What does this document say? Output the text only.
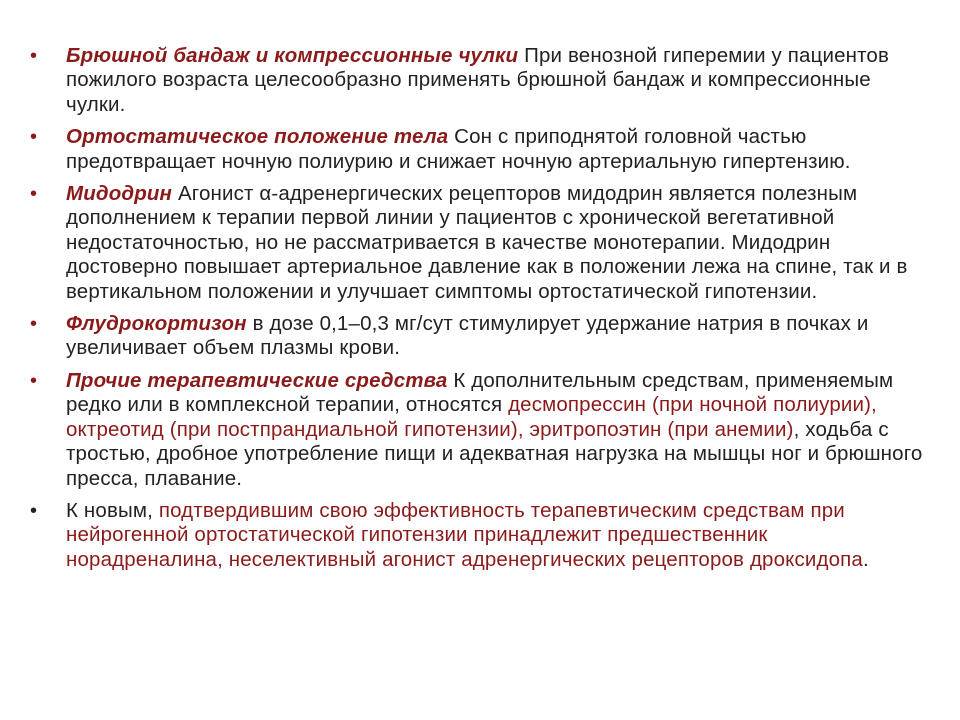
•	Брюшной бандаж и компрессионные чулки При венозной гиперемии у пациентов пожилого возраста целесообразно применять брюшной бандаж и компрессионные чулки.
•	Ортостатическое положение тела Сон с приподнятой головной частью предотвращает ночную полиурию и снижает ночную артериальную гипертензию.
•	Мидодрин Агонист α-адренергических рецепторов мидодрин является полезным дополнением к терапии первой линии у пациентов с хронической вегетативной недостаточностью, но не рассматривается в качестве монотерапии. Мидодрин достоверно повышает артериальное давление как в положении лежа на спине, так и в вертикальном положении и улучшает симптомы ортостатической гипотензии.
•	Флудрокортизон в дозе 0,1–0,3 мг/сут стимулирует удержание натрия в почках и увеличивает объем плазмы крови.
•	Прочие терапевтические средства К дополнительным средствам, применяемым редко или в комплексной терапии, относятся десмопрессин (при ночной полиурии), октреотид (при постпрандиальной гипотензии), эритропоэтин (при анемии), ходьба с тростью, дробное употребление пищи и адекватная нагрузка на мышцы ног и брюшного пресса, плавание.
•	К новым, подтвердившим свою эффективность терапевтическим средствам при нейрогенной ортостатической гипотензии принадлежит предшественник норадреналина, неселективный агонист адренергических рецепторов дроксидопа.
